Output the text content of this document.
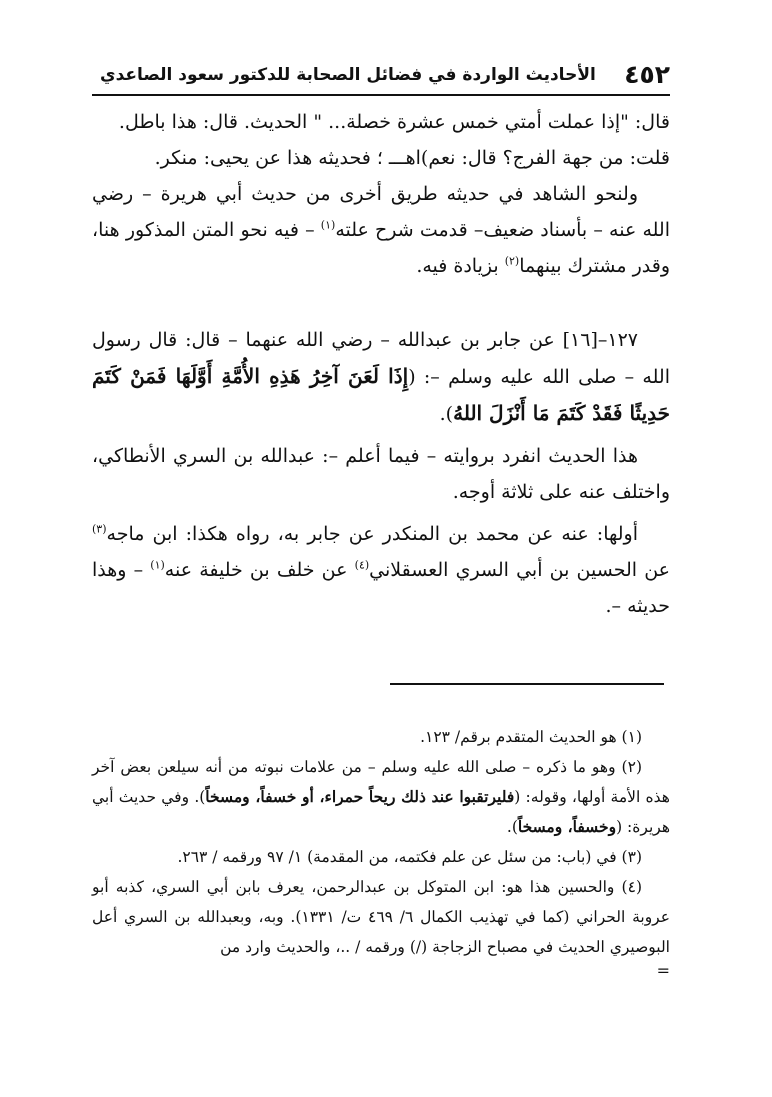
٤٥٢
الأحاديث الواردة في فضائل الصحابة للدكتور سعود الصاعدي

قال: "إذا عملت أمتي خمس عشرة خصلة... " الحديث. قال: هذا باطل.

قلت: من جهة الفرج؟ قال: نعم)اهـــ ؛ فحديثه هذا عن يحيى: منكر.

ولنحو الشاهد في حديثه طريق أخرى من حديث أبي هريرة – رضي الله عنه – بأسناد ضعيف– قدمت شرح علته$^{(١)}$ – فيه نحو المتن المذكور هنا، وقدر مشترك بينهما$^{(٢)}$ بزيادة فيه.

١٢٧–[١٦] عن جابر بن عبدالله – رضي الله عنهما – قال: قال رسول الله – صلى الله عليه وسلم –: (إِذَا لَعَنَ آخِرُ هَذِهِ الأُمَّةِ أَوَّلَهَا فَمَنْ كَتَمَ حَدِيثًا فَقَدْ كَتَمَ مَا أَنْزَلَ اللهُ).

هذا الحديث انفرد بروايته – فيما أعلم –: عبدالله بن السري الأنطاكي، واختلف عنه على ثلاثة أوجه.

أولها: عنه عن محمد بن المنكدر عن جابر به، رواه هكذا: ابن ماجه$^{(٣)}$ عن الحسين بن أبي السري العسقلاني$^{(٤)}$ عن خلف بن خليفة عنه$^{(١)}$ – وهذا حديثه –.

(١) هو الحديث المتقدم برقم/ ١٢٣.

(٢) وهو ما ذكره – صلى الله عليه وسلم – من علامات نبوته من أنه سيلعن بعض آخر هذه الأمة أولها، وقوله: (فليرتقبوا عند ذلك ريحاً حمراء، أو خسفاً، ومسخاً). وفي حديث أبي هريرة: (وخسفاً، ومسخاً).

(٣) في (باب: من سئل عن علم فكتمه، من المقدمة) ١/ ٩٧ ورقمه / ٢٦٣.

(٤) والحسين هذا هو: ابن المتوكل بن عبدالرحمن، يعرف بابن أبي السري، كذبه أبو عروبة الحراني (كما في تهذيب الكمال ٦/ ٤٦٩ ت/ ١٣٣١). وبه، وبعبدالله بن السري أعل البوصيري الحديث في مصباح الزجاجة (/) ورقمه / ..، والحديث وارد من

=
